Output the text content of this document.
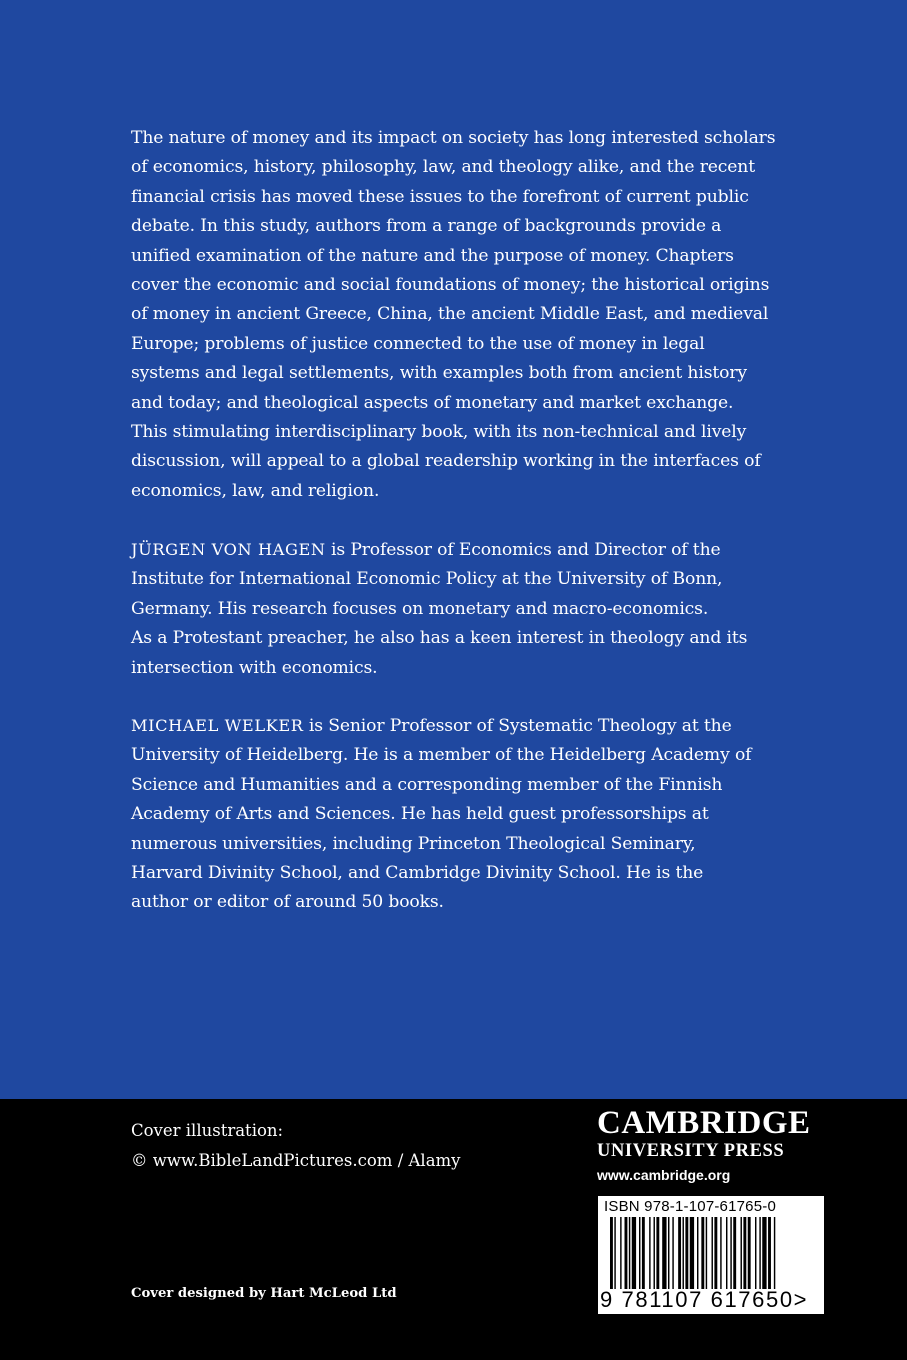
The nature of money and its impact on society has long interested scholars
of economics, history, philosophy, law, and theology alike, and the recent
financial crisis has moved these issues to the forefront of current public
debate. In this study, authors from a range of backgrounds provide a
unified examination of the nature and the purpose of money. Chapters
cover the economic and social foundations of money; the historical origins
of money in ancient Greece, China, the ancient Middle East, and medieval
Europe; problems of justice connected to the use of money in legal
systems and legal settlements, with examples both from ancient history
and today; and theological aspects of monetary and market exchange.
This stimulating interdisciplinary book, with its non-technical and lively
discussion, will appeal to a global readership working in the interfaces of
economics, law, and religion.
JÜRGEN VON HAGEN is Professor of Economics and Director of the
Institute for International Economic Policy at the University of Bonn,
Germany. His research focuses on monetary and macro-economics.
As a Protestant preacher, he also has a keen interest in theology and its
intersection with economics.
MICHAEL WELKER is Senior Professor of Systematic Theology at the
University of Heidelberg. He is a member of the Heidelberg Academy of
Science and Humanities and a corresponding member of the Finnish
Academy of Arts and Sciences. He has held guest professorships at
numerous universities, including Princeton Theological Seminary,
Harvard Divinity School, and Cambridge Divinity School. He is the
author or editor of around 50 books.
Cover illustration:
© www.BibleLandPictures.com / Alamy
Cover designed by Hart McLeod Ltd
CAMBRIDGE
UNIVERSITY PRESS
www.cambridge.org
ISBN 978-1-107-61765-0
9 781107 617650>
